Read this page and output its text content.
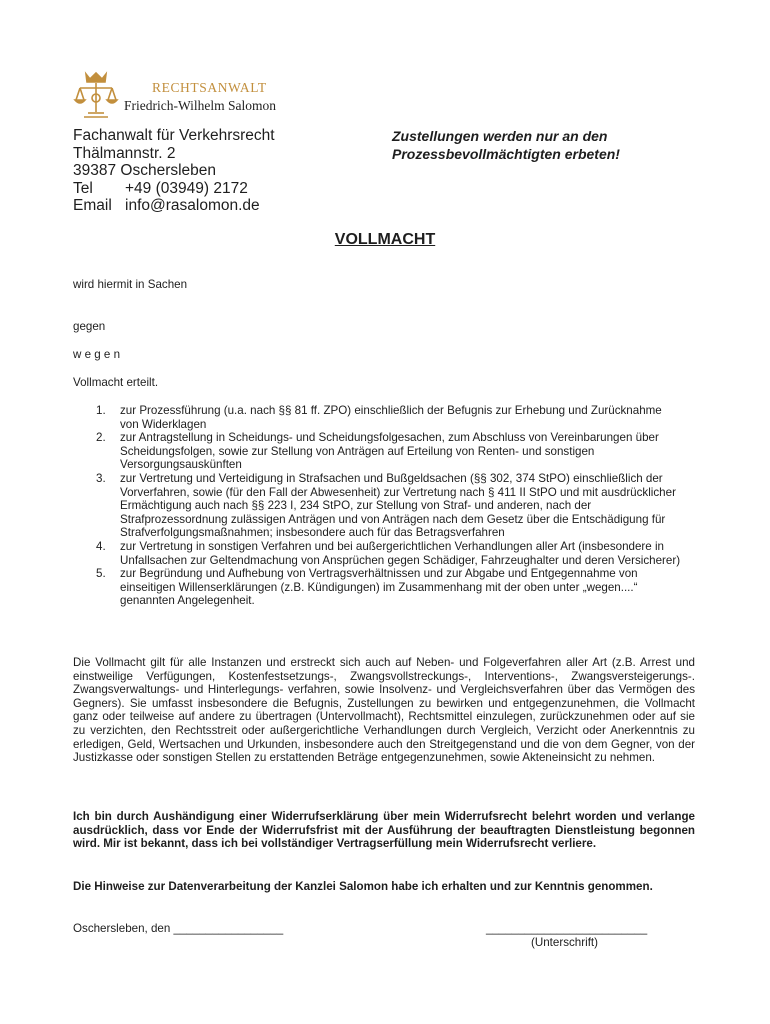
RECHTSANWALT
Friedrich-Wilhelm Salomon
Fachanwalt für Verkehrsrecht
Thälmannstr. 2
39387 Oschersleben
Tel +49 (03949) 2172
Email info@rasalomon.de
Zustellungen werden nur an den
Prozessbevollmächtigten erbeten!
VOLLMACHT
wird hiermit in Sachen
gegen
w e g e n
Vollmacht erteilt.
1. zur Prozessführung (u.a. nach §§ 81 ff. ZPO) einschließlich der Befugnis zur Erhebung und Zurücknahme von Widerklagen
2. zur Antragstellung in Scheidungs- und Scheidungsfolgesachen, zum Abschluss von Vereinbarungen über Scheidungsfolgen, sowie zur Stellung von Anträgen auf Erteilung von Renten- und sonstigen Versorgungsauskünften
3. zur Vertretung und Verteidigung in Strafsachen und Bußgeldsachen (§§ 302, 374 StPO) einschließlich der Vorverfahren, sowie (für den Fall der Abwesenheit) zur Vertretung nach § 411 II StPO und mit ausdrücklicher Ermächtigung auch nach §§ 223 I, 234 StPO, zur Stellung von Straf- und anderen, nach der Strafprozessordnung zulässigen Anträgen und von Anträgen nach dem Gesetz über die Entschädigung für Strafverfolgungsmaßnahmen; insbesondere auch für das Betragsverfahren
4. zur Vertretung in sonstigen Verfahren und bei außergerichtlichen Verhandlungen aller Art (insbesondere in Unfallsachen zur Geltendmachung von Ansprüchen gegen Schädiger, Fahrzeughalter und deren Versicherer)
5. zur Begründung und Aufhebung von Vertragsverhältnissen und zur Abgabe und Entgegennahme von einseitigen Willenserklärungen (z.B. Kündigungen) im Zusammenhang mit der oben unter „wegen....“ genannten Angelegenheit.
Die Vollmacht gilt für alle Instanzen und erstreckt sich auch auf Neben- und Folgeverfahren aller Art (z.B. Arrest und einstweilige Verfügungen, Kostenfestsetzungs-, Zwangsvollstreckungs-, Interventions-, Zwangsversteigerungs-. Zwangsverwaltungs- und Hinterlegungs- verfahren, sowie Insolvenz- und Vergleichsverfahren über das Vermögen des Gegners). Sie umfasst insbesondere die Befugnis, Zustellungen zu bewirken und entgegenzunehmen, die Vollmacht ganz oder teilweise auf andere zu übertragen (Untervollmacht), Rechtsmittel einzulegen, zurückzunehmen oder auf sie zu verzichten, den Rechtsstreit oder außergerichtliche Verhandlungen durch Vergleich, Verzicht oder Anerkenntnis zu erledigen, Geld, Wertsachen und Urkunden, insbesondere auch den Streitgegenstand und die von dem Gegner, von der Justizkasse oder sonstigen Stellen zu erstattenden Beträge entgegenzunehmen, sowie Akteneinsicht zu nehmen.
Ich bin durch Aushändigung einer Widerrufserklärung über mein Widerrufsrecht belehrt worden und verlange ausdrücklich, dass vor Ende der Widerrufsfrist mit der Ausführung der beauftragten Dienstleistung begonnen wird. Mir ist bekannt, dass ich bei vollständiger Vertragserfüllung mein Widerrufsrecht verliere.
Die Hinweise zur Datenverarbeitung der Kanzlei Salomon habe ich erhalten und zur Kenntnis genommen.
Oschersleben, den _________________	_________________________
(Unterschrift)
